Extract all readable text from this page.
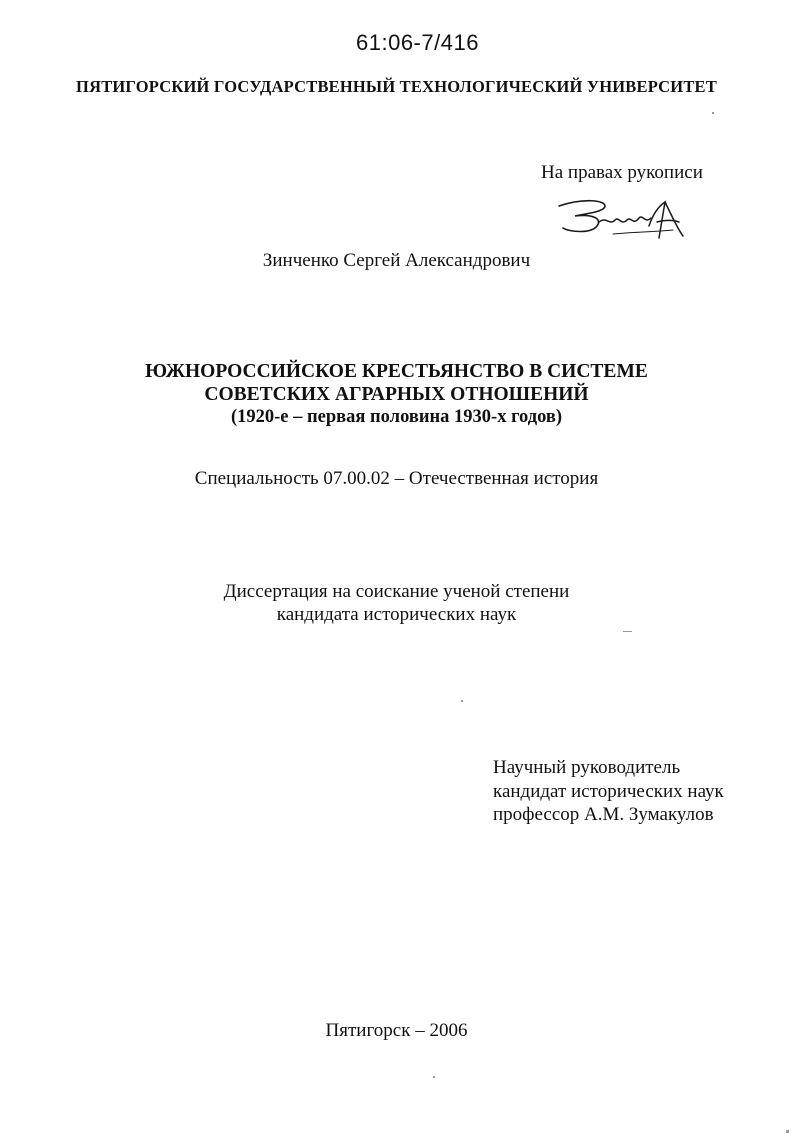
61:06-7/416
ПЯТИГОРСКИЙ ГОСУДАРСТВЕННЫЙ ТЕХНОЛОГИЧЕСКИЙ УНИВЕРСИТЕТ
На правах рукописи
Зинченко Сергей Александрович
ЮЖНОРОССИЙСКОЕ КРЕСТЬЯНСТВО В СИСТЕМЕ
СОВЕТСКИХ АГРАРНЫХ ОТНОШЕНИЙ
(1920-е – первая половина 1930-х годов)
Специальность 07.00.02 – Отечественная история
Диссертация на соискание ученой степени
кандидата исторических наук
Научный руководитель
кандидат исторических наук
профессор А.М. Зумакулов
Пятигорск – 2006
